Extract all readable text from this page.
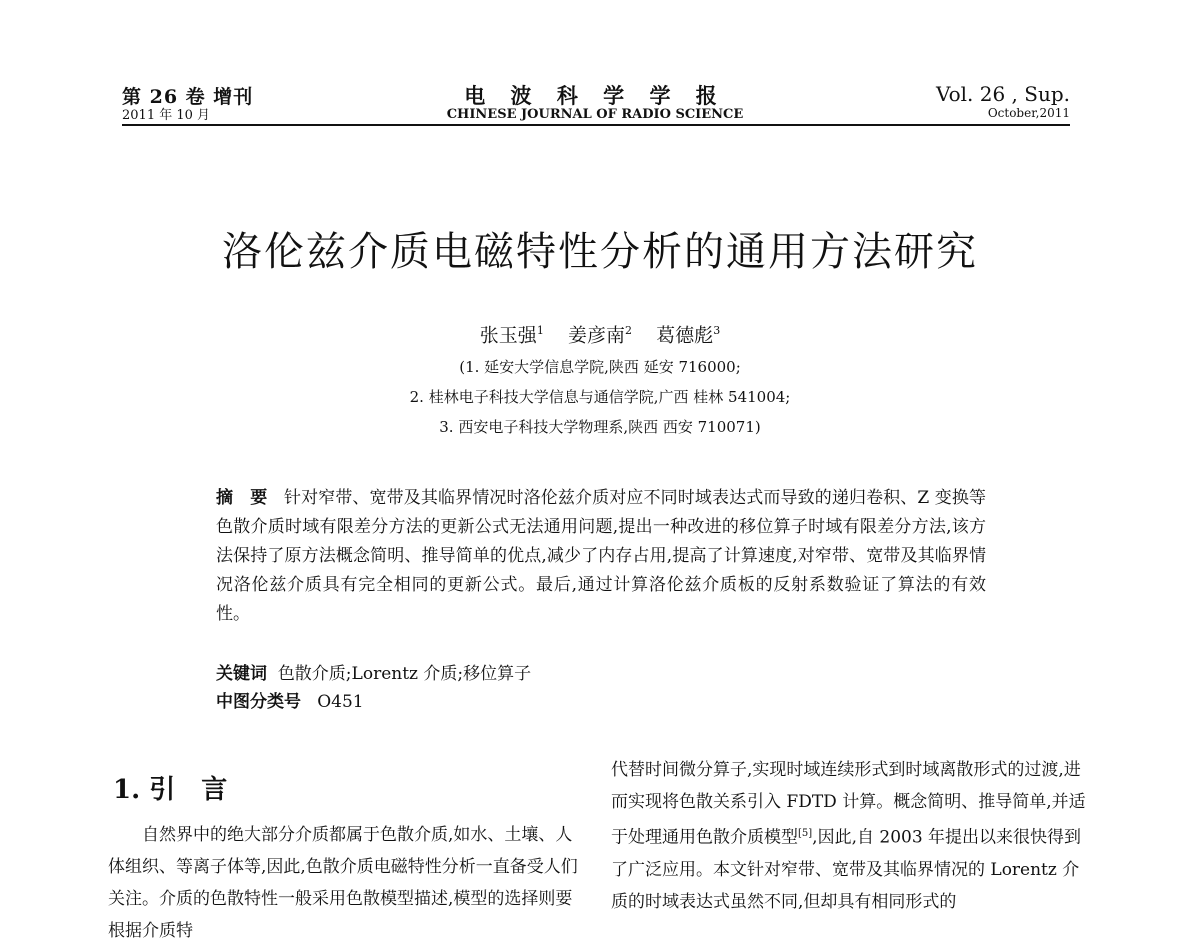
第 26 卷 增刊
2011 年 10 月
电 波 科 学 学 报
CHINESE JOURNAL OF RADIO SCIENCE
Vol. 26 , Sup.
October,2011
洛伦兹介质电磁特性分析的通用方法研究
张玉强$^1$ 姜彦南$^2$ 葛德彪$^3$
(1. 延安大学信息学院,陕西 延安 716000;
2. 桂林电子科技大学信息与通信学院,广西 桂林 541004;
3. 西安电子科技大学物理系,陕西 西安 710071)

摘　要 针对窄带、宽带及其临界情况时洛伦兹介质对应不同时域表达式而导致的递归卷积、Z 变换等色散介质时域有限差分方法的更新公式无法通用问题,提出一种改进的移位算子时域有限差分方法,该方法保持了原方法概念简明、推导简单的优点,减少了内存占用,提高了计算速度,对窄带、宽带及其临界情况洛伦兹介质具有完全相同的更新公式。最后,通过计算洛伦兹介质板的反射系数验证了算法的有效性。

关键词 色散介质;Lorentz 介质;移位算子
中图分类号 O451
1. 引　言

　　自然界中的绝大部分介质都属于色散介质,如水、土壤、人体组织、等离子体等,因此,色散介质电磁特性分析一直备受人们关注。介质的色散特性一般采用色散模型描述,模型的选择则要根据介质特

代替时间微分算子,实现时域连续形式到时域离散形式的过渡,进而实现将色散关系引入 FDTD 计算。概念简明、推导简单,并适于处理通用色散介质模型[5],因此,自 2003 年提出以来很快得到了广泛应用。本文针对窄带、宽带及其临界情况的 Lorentz 介质的时域表达式虽然不同,但却具有相同形式的
